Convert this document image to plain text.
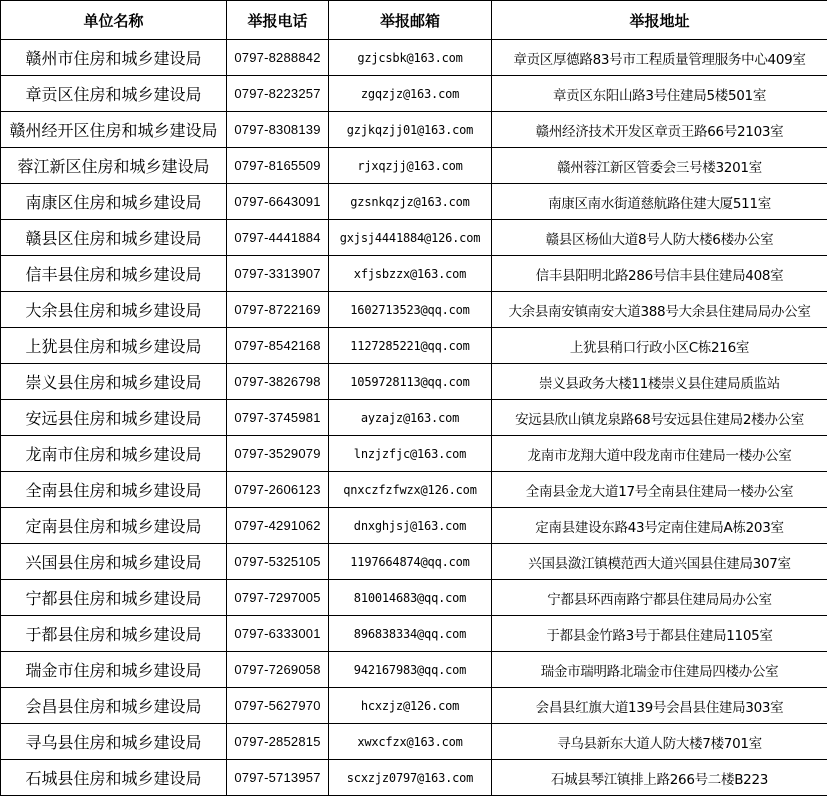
单位名称	举报电话	举报邮箱	举报地址
赣州市住房和城乡建设局	0797-8288842	gzjcsbk@163.com	章贡区厚德路83号市工程质量管理服务中心409室
章贡区住房和城乡建设局	0797-8223257	zgqzjz@163.com	章贡区东阳山路3号住建局5楼501室
赣州经开区住房和城乡建设局	0797-8308139	gzjkqzjj01@163.com	赣州经济技术开发区章贡王路66号2103室
蓉江新区住房和城乡建设局	0797-8165509	rjxqzjj@163.com	赣州蓉江新区管委会三号楼3201室
南康区住房和城乡建设局	0797-6643091	gzsnkqzjz@163.com	南康区南水街道慈航路住建大厦511室
赣县区住房和城乡建设局	0797-4441884	gxjsj4441884@126.com	赣县区杨仙大道8号人防大楼6楼办公室
信丰县住房和城乡建设局	0797-3313907	xfjsbzzx@163.com	信丰县阳明北路286号信丰县住建局408室
大余县住房和城乡建设局	0797-8722169	1602713523@qq.com	大余县南安镇南安大道388号大余县住建局局办公室
上犹县住房和城乡建设局	0797-8542168	1127285221@qq.com	上犹县稍口行政小区C栋216室
崇义县住房和城乡建设局	0797-3826798	1059728113@qq.com	崇义县政务大楼11楼崇义县住建局质监站
安远县住房和城乡建设局	0797-3745981	ayzajz@163.com	安远县欣山镇龙泉路68号安远县住建局2楼办公室
龙南市住房和城乡建设局	0797-3529079	lnzjzfjc@163.com	龙南市龙翔大道中段龙南市住建局一楼办公室
全南县住房和城乡建设局	0797-2606123	qnxczfzfwzx@126.com	全南县金龙大道17号全南县住建局一楼办公室
定南县住房和城乡建设局	0797-4291062	dnxghjsj@163.com	定南县建设东路43号定南住建局A栋203室
兴国县住房和城乡建设局	0797-5325105	1197664874@qq.com	兴国县潋江镇模范西大道兴国县住建局307室
宁都县住房和城乡建设局	0797-7297005	810014683@qq.com	宁都县环西南路宁都县住建局局办公室
于都县住房和城乡建设局	0797-6333001	896838334@qq.com	于都县金竹路3号于都县住建局1105室
瑞金市住房和城乡建设局	0797-7269058	942167983@qq.com	瑞金市瑞明路北瑞金市住建局四楼办公室
会昌县住房和城乡建设局	0797-5627970	hcxzjz@126.com	会昌县红旗大道139号会昌县住建局303室
寻乌县住房和城乡建设局	0797-2852815	xwxcfzx@163.com	寻乌县新东大道人防大楼7楼701室
石城县住房和城乡建设局	0797-5713957	scxzjz0797@163.com	石城县琴江镇排上路266号二楼B223
